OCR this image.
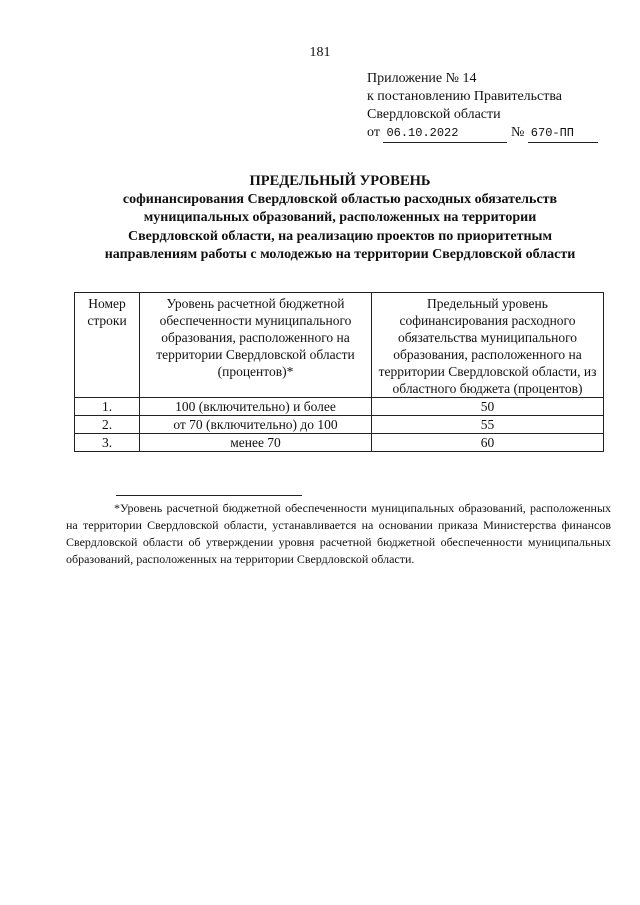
181
Приложение № 14
к постановлению Правительства
Свердловской области
от 06.10.2022	№ 670-ПП
ПРЕДЕЛЬНЫЙ УРОВЕНЬ
софинансирования Свердловской областью расходных обязательств
муниципальных образований, расположенных на территории
Свердловской области, на реализацию проектов по приоритетным
направлениям работы с молодежью на территории Свердловской области
Номер строки	Уровень расчетной бюджетной обеспеченности муниципального образования, расположенного на территории Свердловской области (процентов)*	Предельный уровень софинансирования расходного обязательства муниципального образования, расположенного на территории Свердловской области, из областного бюджета (процентов)
1.	100 (включительно) и более	50
2.	от 70 (включительно) до 100	55
3.	менее 70	60
*Уровень расчетной бюджетной обеспеченности муниципальных образований, расположенных на территории Свердловской области, устанавливается на основании приказа Министерства финансов Свердловской области об утверждении уровня расчетной бюджетной обеспеченности муниципальных образований, расположенных на территории Свердловской области.
